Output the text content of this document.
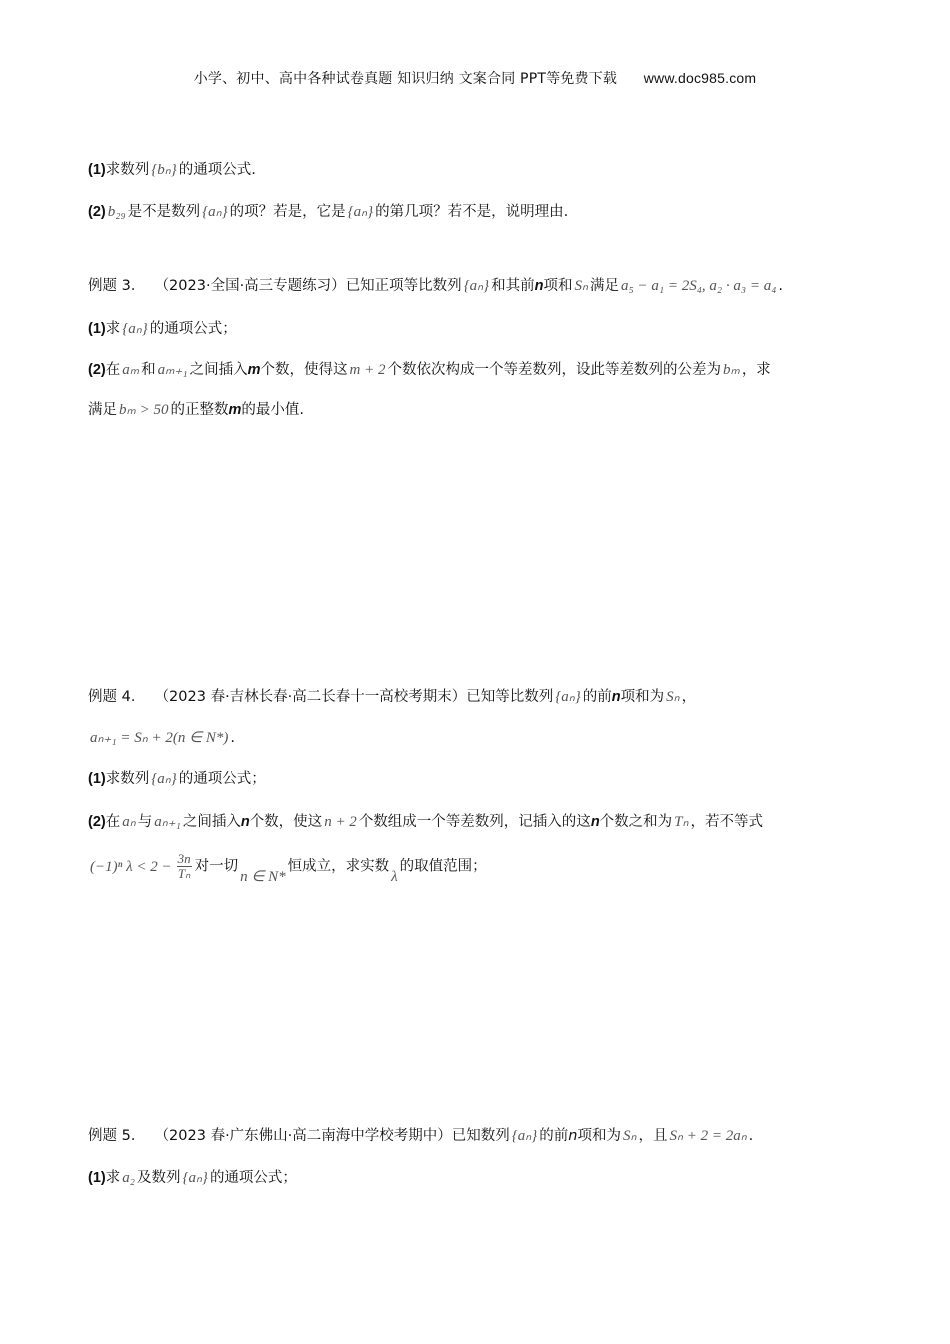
小学、初中、高中各种试卷真题 知识归纳 文案合同 PPT等免费下载 www.doc985.com
(1)求数列 {bₙ} 的通项公式.
(2) b₂₉ 是不是数列 {aₙ} 的项？若是，它是 {aₙ} 的第几项？若不是，说明理由.
例题 3． （2023·全国·高三专题练习）已知正项等比数列 {aₙ} 和其前n项和 Sₙ 满足 a₅ − a₁ = 2S₄, a₂ · a₃ = a₄ .
(1)求 {aₙ} 的通项公式；
(2)在 aₘ 和 aₘ₊₁ 之间插入m个数，使得这 m + 2 个数依次构成一个等差数列，设此等差数列的公差为 bₘ ，求
满足 bₘ > 50 的正整数m的最小值.
例题 4． （2023 春·吉林长春·高二长春十一高校考期末）已知等比数列 {aₙ} 的前n项和为 Sₙ ，
aₙ₊₁ = Sₙ + 2(n ∈ N*) .
(1)求数列 {aₙ} 的通项公式；
(2)在 aₙ 与 aₙ₊₁ 之间插入n个数，使这 n + 2 个数组成一个等差数列，记插入的这n个数之和为 Tₙ ，若不等式
(−1)ⁿ $\lambda < 2 - \frac{3n}{\text{Tₙ}}$ 对一切n ∈ N*恒成立，求实数λ的取值范围；
例题 5． （2023 春·广东佛山·高二南海中学校考期中）已知数列 {aₙ} 的前n项和为 Sₙ ，且 Sₙ + 2 = 2aₙ .
(1)求 a₂ 及数列 {aₙ} 的通项公式；
